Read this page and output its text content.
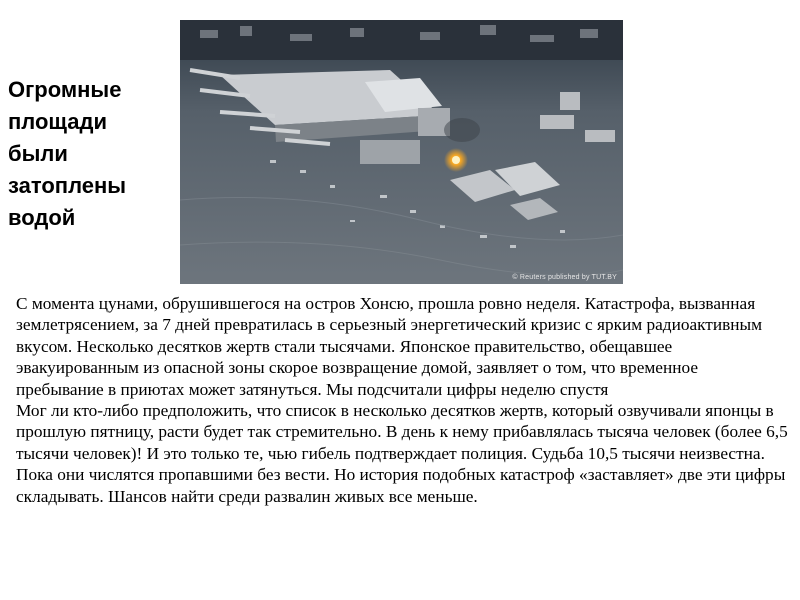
Огромные
площади
были
затоплены
водой
© Reuters published by TUT.BY

С момента цунами, обрушившегося на остров Хонсю, прошла ровно неделя. Катастрофа, вызванная землетрясением, за 7 дней превратилась в серьезный энергетический кризис с ярким радиоактивным вкусом. Несколько десятков жертв стали тысячами. Японское правительство, обещавшее эвакуированным из опасной зоны скорое возвращение домой, заявляет о том, что временное пребывание в приютах может затянуться. Мы подсчитали цифры неделю спустя

Мог ли кто-либо предположить, что список в несколько десятков жертв, который озвучивали японцы в прошлую пятницу, расти будет так стремительно. В день к нему прибавлялась тысяча человек (более 6,5 тысячи человек)! И это только те, чью гибель подтверждает полиция. Судьба 10,5 тысячи неизвестна. Пока они числятся пропавшими без вести. Но история подобных катастроф «заставляет» две эти цифры складывать. Шансов найти среди развалин живых все меньше.
